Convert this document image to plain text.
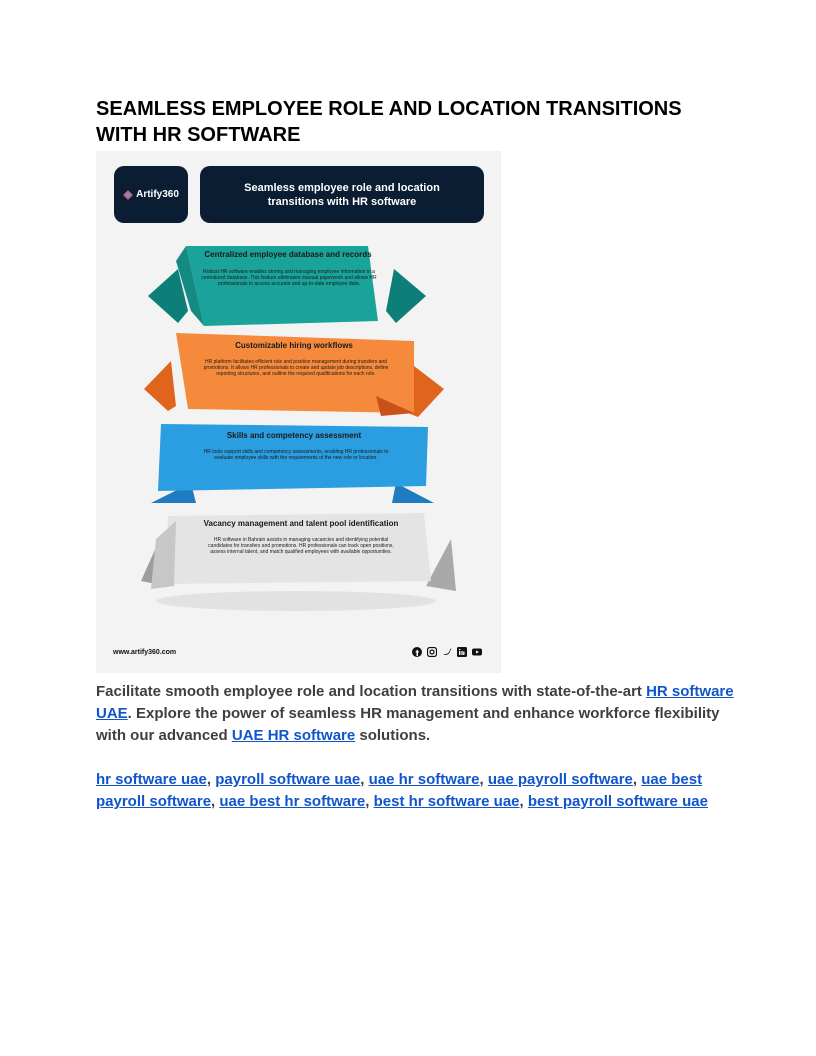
SEAMLESS EMPLOYEE ROLE AND LOCATION TRANSITIONS WITH HR SOFTWARE
Artify360
Seamless employee role and location transitions with HR software
Centralized employee database and records
Robust HR software enables storing and managing employee information in a centralized database. This feature eliminates manual paperwork and allows HR professionals to access accurate and up-to-date employee data.
Customizable hiring workflows
HR platform facilitates efficient role and position management during transfers and promotions. It allows HR professionals to create and update job descriptions, define reporting structures, and outline the required qualifications for each role.
Skills and competency assessment
HR tools support skills and competency assessments, enabling HR professionals to evaluate employee skills with the requirements of the new role or location.
Vacancy management and talent pool identification
HR software in Bahrain assists in managing vacancies and identifying potential candidates for transfers and promotions. HR professionals can track open positions, assess internal talent, and match qualified employees with available opportunities.
www.artify360.com

Facilitate smooth employee role and location transitions with state-of-the-art HR software UAE. Explore the power of seamless HR management and enhance workforce flexibility with our advanced UAE HR software solutions.

hr software uae, payroll software uae, uae hr software, uae payroll software, uae best payroll software, uae best hr software, best hr software uae, best payroll software uae
